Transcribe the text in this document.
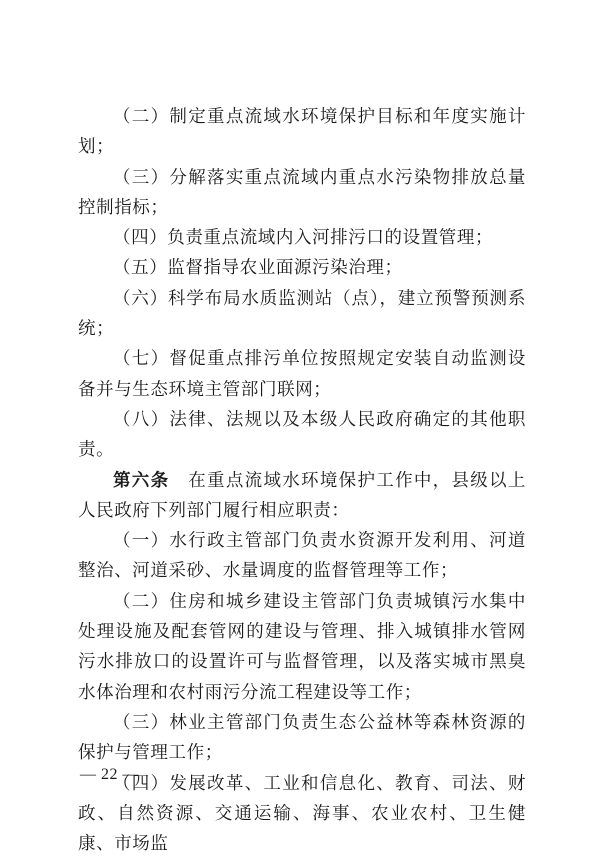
（二）制定重点流域水环境保护目标和年度实施计划；

（三）分解落实重点流域内重点水污染物排放总量控制指标；

（四）负责重点流域内入河排污口的设置管理；

（五）监督指导农业面源污染治理；

（六）科学布局水质监测站（点），建立预警预测系统；

（七）督促重点排污单位按照规定安装自动监测设备并与生态环境主管部门联网；

（八）法律、法规以及本级人民政府确定的其他职责。

第六条　在重点流域水环境保护工作中，县级以上人民政府下列部门履行相应职责：

（一）水行政主管部门负责水资源开发利用、河道整治、河道采砂、水量调度的监督管理等工作；

（二）住房和城乡建设主管部门负责城镇污水集中处理设施及配套管网的建设与管理、排入城镇排水管网污水排放口的设置许可与监督管理，以及落实城市黑臭水体治理和农村雨污分流工程建设等工作；

（三）林业主管部门负责生态公益林等森林资源的保护与管理工作；

（四）发展改革、工业和信息化、教育、司法、财政、自然资源、交通运输、海事、农业农村、卫生健康、市场监

— 22 —
